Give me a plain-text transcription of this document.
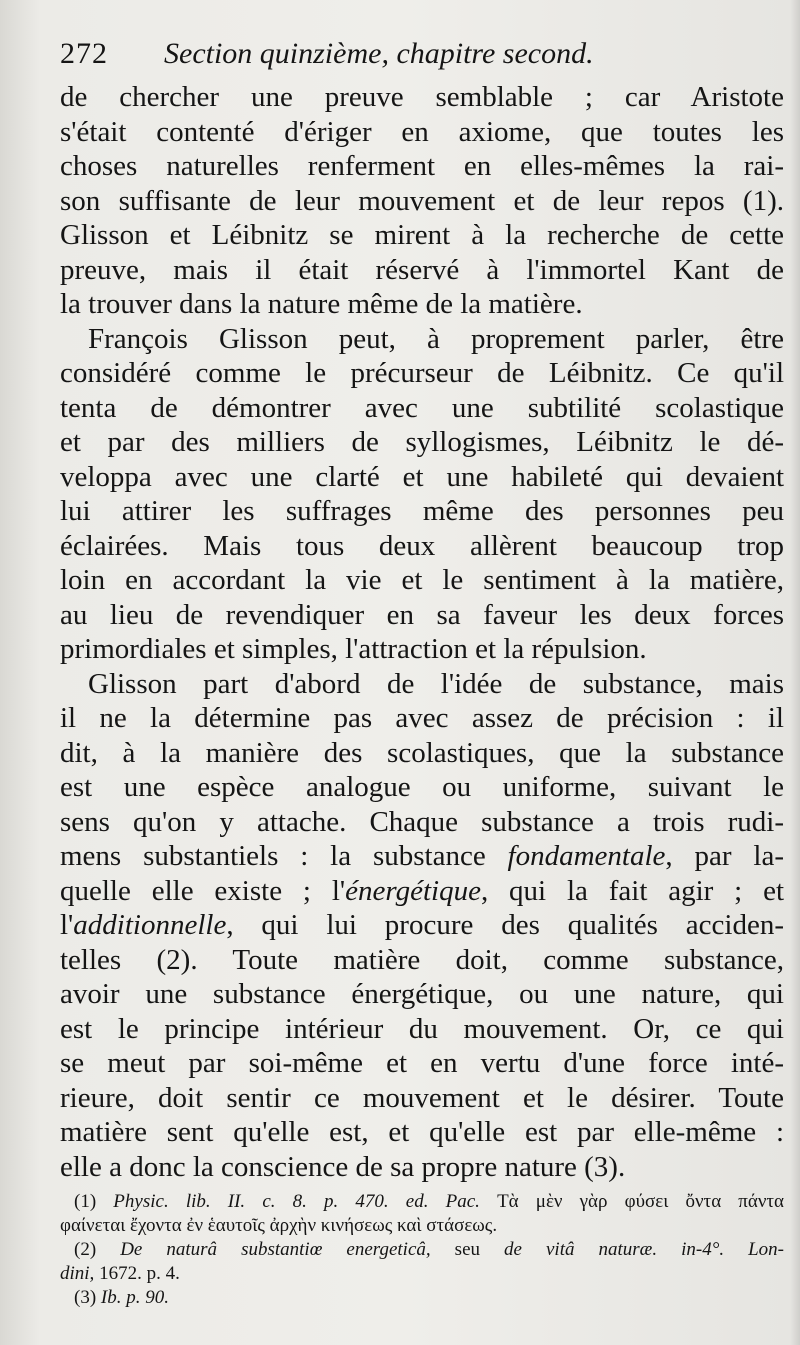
272	Section quinzième, chapitre second.
de chercher une preuve semblable ; car Aristote
s'était contenté d'ériger en axiome, que toutes les
choses naturelles renferment en elles-mêmes la rai-
son suffisante de leur mouvement et de leur repos (1).
Glisson et Léibnitz se mirent à la recherche de cette
preuve, mais il était réservé à l'immortel Kant de
la trouver dans la nature même de la matière.
François Glisson peut, à proprement parler, être
considéré comme le précurseur de Léibnitz. Ce qu'il
tenta de démontrer avec une subtilité scolastique
et par des milliers de syllogismes, Léibnitz le dé-
veloppa avec une clarté et une habileté qui devaient
lui attirer les suffrages même des personnes peu
éclairées. Mais tous deux allèrent beaucoup trop
loin en accordant la vie et le sentiment à la matière,
au lieu de revendiquer en sa faveur les deux forces
primordiales et simples, l'attraction et la répulsion.
Glisson part d'abord de l'idée de substance, mais
il ne la détermine pas avec assez de précision : il
dit, à la manière des scolastiques, que la substance
est une espèce analogue ou uniforme, suivant le
sens qu'on y attache. Chaque substance a trois rudi-
mens substantiels : la substance fondamentale, par la-
quelle elle existe ; l'énergétique, qui la fait agir ; et
l'additionnelle, qui lui procure des qualités acciden-
telles (2). Toute matière doit, comme substance,
avoir une substance énergétique, ou une nature, qui
est le principe intérieur du mouvement. Or, ce qui
se meut par soi-même et en vertu d'une force inté-
rieure, doit sentir ce mouvement et le désirer. Toute
matière sent qu'elle est, et qu'elle est par elle-même :
elle a donc la conscience de sa propre nature (3).
(1) Physic. lib. II. c. 8. p. 470. ed. Pac. Τὰ μὲν γὰρ φύσει ὄντα πάντα
φαίνεται ἔχοντα ἐν ἑαυτοῖς ἀρχὴν κινήσεως καὶ στάσεως.
(2) De naturâ substantiœ energeticâ, seu de vitâ naturæ. in-4°. Lon-
dini, 1672. p. 4.
(3) Ib. p. 90.
